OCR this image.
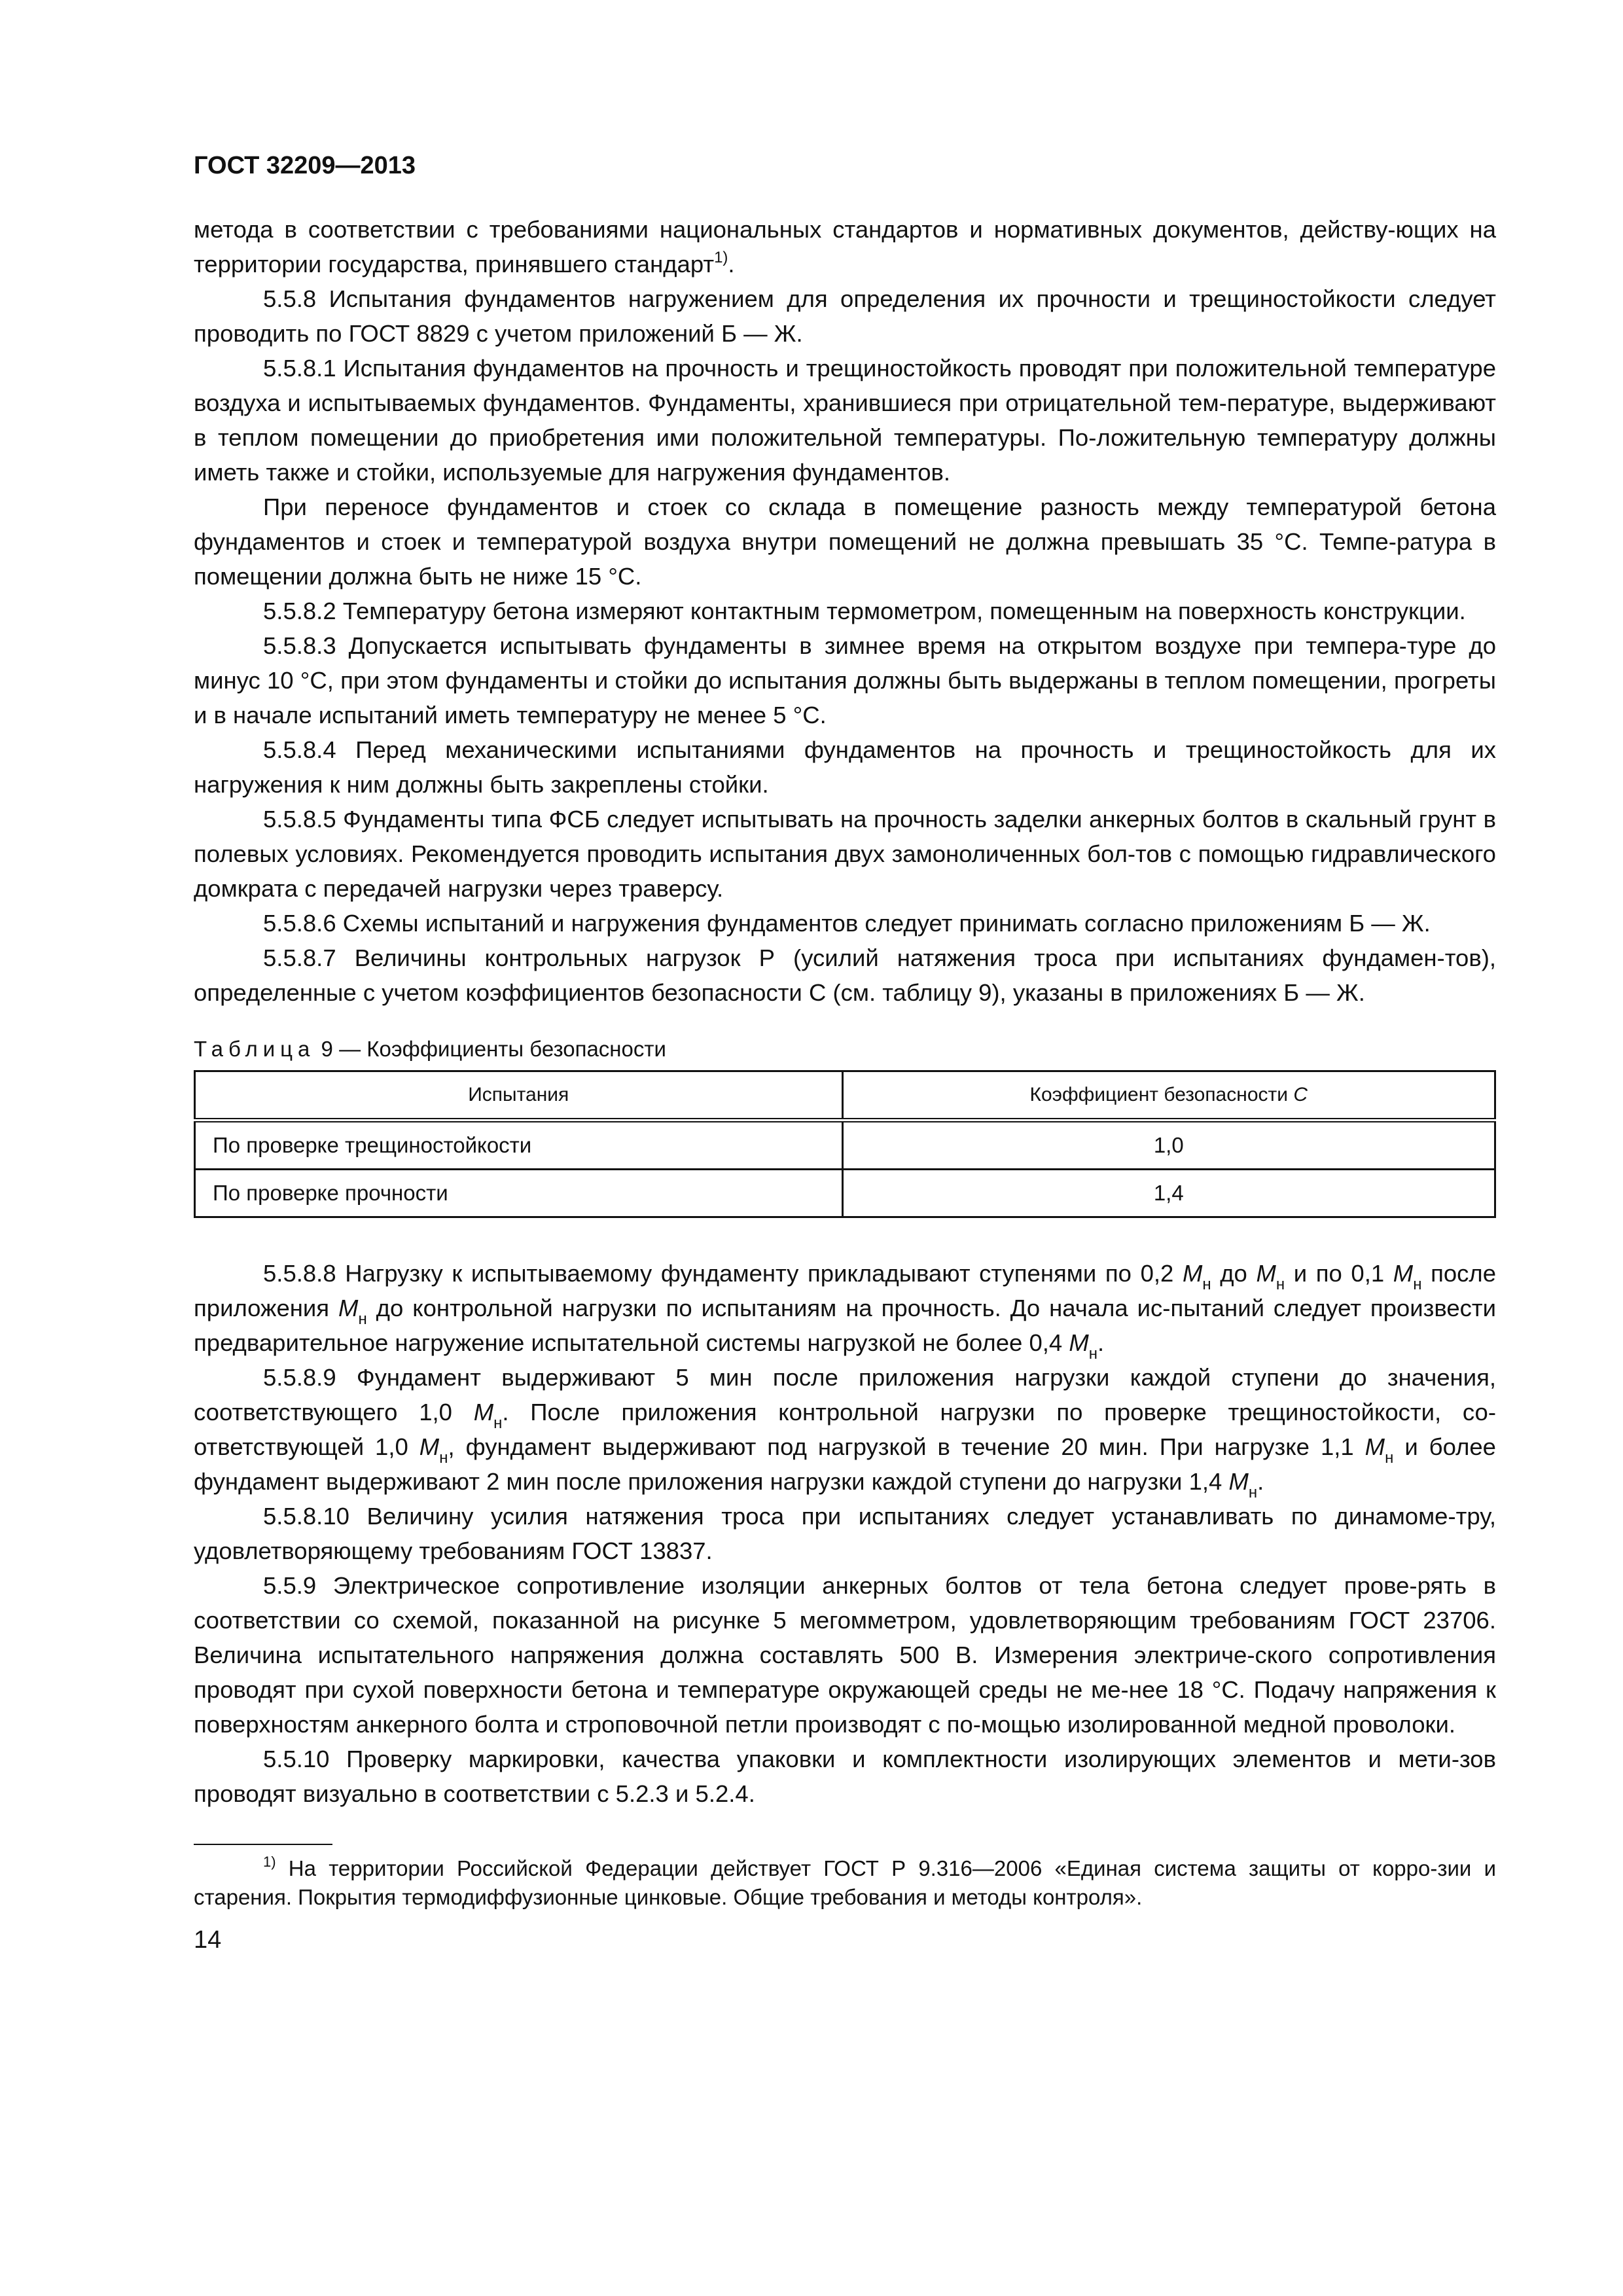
ГОСТ 32209—2013

метода в соответствии с требованиями национальных стандартов и нормативных документов, действу-ющих на территории государства, принявшего стандарт$^{1)}$.

5.5.8 Испытания фундаментов нагружением для определения их прочности и трещиностойкости следует проводить по ГОСТ 8829 с учетом приложений Б — Ж.

5.5.8.1 Испытания фундаментов на прочность и трещиностойкость проводят при положительной температуре воздуха и испытываемых фундаментов. Фундаменты, хранившиеся при отрицательной тем-пературе, выдерживают в теплом помещении до приобретения ими положительной температуры. По-ложительную температуру должны иметь также и стойки, используемые для нагружения фундаментов.

При переносе фундаментов и стоек со склада в помещение разность между температурой бетона фундаментов и стоек и температурой воздуха внутри помещений не должна превышать 35 °С. Темпе-ратура в помещении должна быть не ниже 15 °С.

5.5.8.2 Температуру бетона измеряют контактным термометром, помещенным на поверхность конструкции.

5.5.8.3 Допускается испытывать фундаменты в зимнее время на открытом воздухе при темпера-туре до минус 10 °С, при этом фундаменты и стойки до испытания должны быть выдержаны в теплом помещении, прогреты и в начале испытаний иметь температуру не менее 5 °С.

5.5.8.4 Перед механическими испытаниями фундаментов на прочность и трещиностойкость для их нагружения к ним должны быть закреплены стойки.

5.5.8.5 Фундаменты типа ФСБ следует испытывать на прочность заделки анкерных болтов в скальный грунт в полевых условиях. Рекомендуется проводить испытания двух замоноличенных бол-тов с помощью гидравлического домкрата с передачей нагрузки через траверсу.

5.5.8.6 Схемы испытаний и нагружения фундаментов следует принимать согласно приложениям Б — Ж.

5.5.8.7 Величины контрольных нагрузок Р (усилий натяжения троса при испытаниях фундамен-тов), определенные с учетом коэффициентов безопасности С (см. таблицу 9), указаны в приложениях Б — Ж.

Таблица 9 — Коэффициенты безопасности
Испытания	Коэффициент безопасности С
По проверке трещиностойкости	1,0
По проверке прочности	1,4

5.5.8.8 Нагрузку к испытываемому фундаменту прикладывают ступенями по 0,2 $M_н$ до $M_н$ и по 0,1 $M_н$ после приложения $M_н$ до контрольной нагрузки по испытаниям на прочность. До начала ис-пытаний следует произвести предварительное нагружение испытательной системы нагрузкой не более 0,4 $M_н$.

5.5.8.9 Фундамент выдерживают 5 мин после приложения нагрузки каждой ступени до значения, соответствующего 1,0 $M_н$. После приложения контрольной нагрузки по проверке трещиностойкости, со-ответствующей 1,0 $M_н$, фундамент выдерживают под нагрузкой в течение 20 мин. При нагрузке 1,1 $M_н$ и более фундамент выдерживают 2 мин после приложения нагрузки каждой ступени до нагрузки 1,4 $M_н$.

5.5.8.10 Величину усилия натяжения троса при испытаниях следует устанавливать по динамоме-тру, удовлетворяющему требованиям ГОСТ 13837.

5.5.9 Электрическое сопротивление изоляции анкерных болтов от тела бетона следует прове-рять в соответствии со схемой, показанной на рисунке 5 мегомметром, удовлетворяющим требованиям ГОСТ 23706. Величина испытательного напряжения должна составлять 500 В. Измерения электриче-ского сопротивления проводят при сухой поверхности бетона и температуре окружающей среды не ме-нее 18 °С. Подачу напряжения к поверхностям анкерного болта и строповочной петли производят с по-мощью изолированной медной проволоки.

5.5.10 Проверку маркировки, качества упаковки и комплектности изолирующих элементов и мети-зов проводят визуально в соответствии с 5.2.3 и 5.2.4.

$^{1)}$ На территории Российской Федерации действует ГОСТ Р 9.316—2006 «Единая система защиты от корро-зии и старения. Покрытия термодиффузионные цинковые. Общие требования и методы контроля».
14
